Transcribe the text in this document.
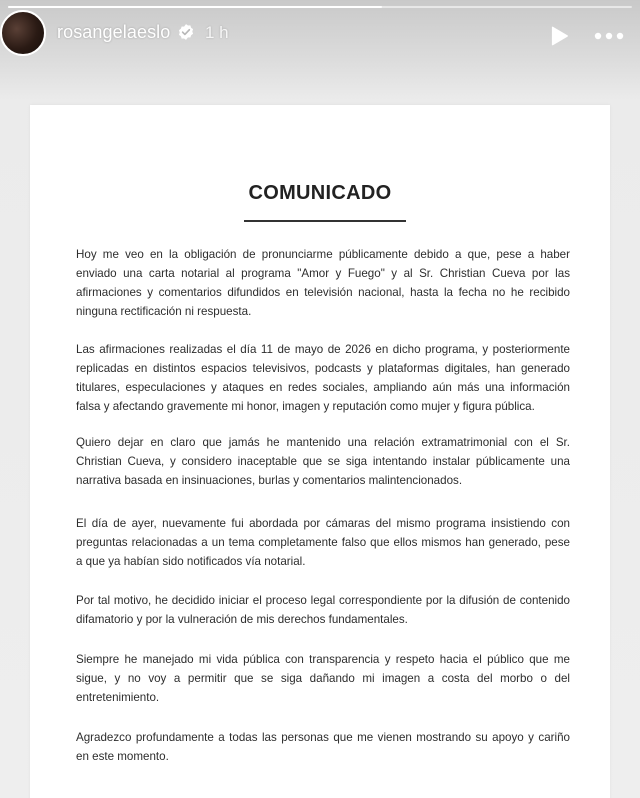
rosangelaeslo 1 h
COMUNICADO

Hoy me veo en la obligación de pronunciarme públicamente debido a que, pese a haber enviado una carta notarial al programa "Amor y Fuego" y al Sr. Christian Cueva por las afirmaciones y comentarios difundidos en televisión nacional, hasta la fecha no he recibido ninguna rectificación ni respuesta.

Las afirmaciones realizadas el día 11 de mayo de 2026 en dicho programa, y posteriormente replicadas en distintos espacios televisivos, podcasts y plataformas digitales, han generado titulares, especulaciones y ataques en redes sociales, ampliando aún más una información falsa y afectando gravemente mi honor, imagen y reputación como mujer y figura pública.

Quiero dejar en claro que jamás he mantenido una relación extramatrimonial con el Sr. Christian Cueva, y considero inaceptable que se siga intentando instalar públicamente una narrativa basada en insinuaciones, burlas y comentarios malintencionados.

El día de ayer, nuevamente fui abordada por cámaras del mismo programa insistiendo con preguntas relacionadas a un tema completamente falso que ellos mismos han generado, pese a que ya habían sido notificados vía notarial.

Por tal motivo, he decidido iniciar el proceso legal correspondiente por la difusión de contenido difamatorio y por la vulneración de mis derechos fundamentales.

Siempre he manejado mi vida pública con transparencia y respeto hacia el público que me sigue, y no voy a permitir que se siga dañando mi imagen a costa del morbo o del entretenimiento.

Agradezco profundamente a todas las personas que me vienen mostrando su apoyo y cariño en este momento.
